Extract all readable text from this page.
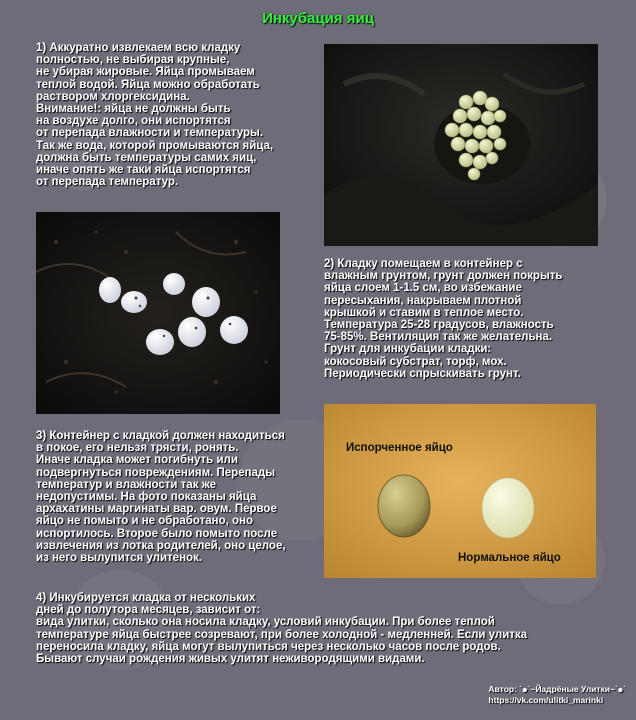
Инкубация яиц
1) Аккуратно извлекаем всю кладку
полностью, не выбирая крупные,
не убирая жировые. Яйца промываем
теплой водой. Яйца можно обработать
раствором хлоргексидина.
Внимание!: яйца не должны быть
на воздухе долго, они испортятся
от перепада влажности и температуры.
Так же вода, которой промываются яйца,
должна быть температуры самих яиц,
иначе опять же таки яйца испортятся
от перепада температур.
2) Кладку помещаем в контейнер с
влажным грунтом, грунт должен покрыть
яйца слоем 1-1.5 см, во избежание
пересыхания, накрываем плотной
крышкой и ставим в теплое место.
Температура 25-28 градусов, влажность
75-85%. Вентиляция так же желательна.
Грунт для инкубации кладки:
кокосовый субстрат, торф, мох.
Периодически спрыскивать грунт.
Испорченное яйцо
Нормальное яйцо
3) Контейнер с кладкой должен находиться
в покое, его нельзя трясти, ронять.
Иначе кладка может погибнуть или
подвергнуться повреждениям. Перепады
температур и влажности так же
недопустимы. На фото показаны яйца
архахатины маргинаты вар. овум. Первое
яйцо не помыто и не обработано, оно
испортилось. Второе было помыто после
извлечения из лотка родителей, оно целое,
из него вылупится улитенок.
4) Инкубируется кладка от нескольких
дней до полутора месяцев, зависит от:
вида улитки, сколько она носила кладку, условий инкубации. При более теплой
температуре яйца быстрее созревают, при более холодной - медленней. Если улитка
переносила кладку, яйца могут вылупиться через несколько часов после родов.
Бывают случаи рождения живых улитят неживородящими видами.
Автор: `๑`~Йадрёные Улитки~`๑`
https://vk.com/ulitki_marinki
